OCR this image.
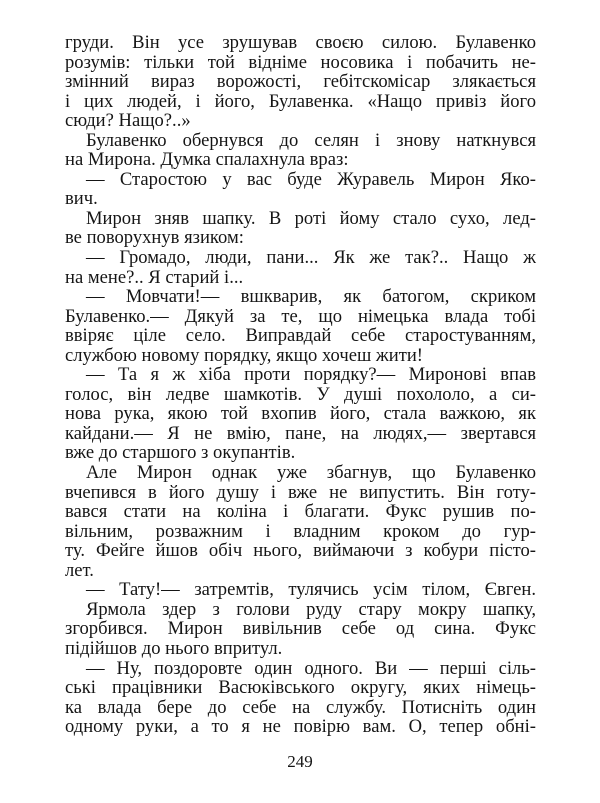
груди. Він усе зрушував своєю силою. Булавенко
розумів: тільки той відніме носовика і побачить не-
змінний вираз ворожості, гебітскомісар злякається
і цих людей, і його, Булавенка. «Нащо привіз його
сюди? Нащо?..»
Булавенко обернувся до селян і знову наткнувся
на Мирона. Думка спалахнула враз:
— Старостою у вас буде Журавель Мирон Яко-
вич.
Мирон зняв шапку. В роті йому стало сухо, лед-
ве поворухнув язиком:
— Громадо, люди, пани... Як же так?.. Нащо ж
на мене?.. Я старий і...
— Мовчати!— вшкварив, як батогом, скриком
Булавенко.— Дякуй за те, що німецька влада тобі
ввіряє ціле село. Виправдай себе старостуванням,
службою новому порядку, якщо хочеш жити!
— Та я ж хіба проти порядку?— Миронові впав
голос, він ледве шамкотів. У душі похололо, а си-
нова рука, якою той вхопив його, стала важкою, як
кайдани.— Я не вмію, пане, на людях,— звертався
вже до старшого з окупантів.
Але Мирон однак уже збагнув, що Булавенко
вчепився в його душу і вже не випустить. Він готу-
вався стати на коліна і благати. Фукс рушив по-
вільним, розважним і владним кроком до гур-
ту. Фейге йшов обіч нього, виймаючи з кобури пісто-
лет.
— Тату!— затремтів, тулячись усім тілом, Євген.
Ярмола здер з голови руду стару мокру шапку,
згорбився. Мирон вивільнив себе од сина. Фукс
підійшов до нього впритул.
— Ну, поздоровте один одного. Ви — перші сіль-
ські працівники Васюківського округу, яких німець-
ка влада бере до себе на службу. Потисніть один
одному руки, а то я не повірю вам. О, тепер обні-
249
